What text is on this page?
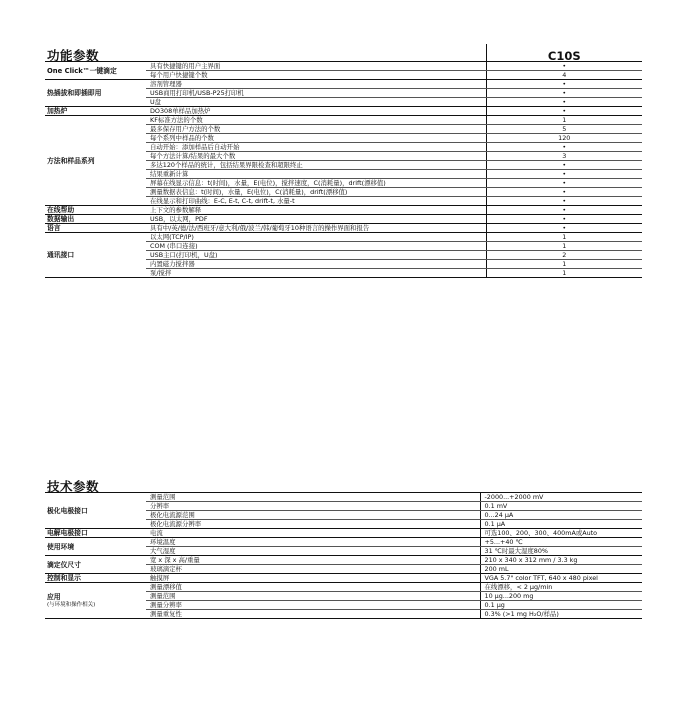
功能参数		C10S

One Click™一键滴定	具有快捷键的用户主界面	•
	每个用户快捷键个数	4
热插拔和即插即用	溶剂管理器	•
	USB商用打印机/USB-P25打印机	•
	U盘	•
加热炉	DO308单样品加热炉	•
方法和样品系列	KF标准方法的个数	1
	最多保存用户方法的个数	5
	每个系列中样品的个数	120
	自动开始：添加样品后自动开始	•
	每个方法计算/结果的最大个数	3
	多达120个样品的统计，包括结果界限检查和超限终止	•
	结果重新计算	•
	屏幕在线显示信息：t(时间)，水量，E(电位)，搅拌速度，C(消耗量)，drift(漂移值)	•
	测量数据表信息：t(时间)，水量，E(电位)，C(消耗量)，drift(漂移值)	•
	在线显示和打印曲线：E-C, E-t, C-t, drift-t, 水量-t	•
在线帮助	上下文的参数解释	•
数据输出	USB，以太网，PDF	•
语言	具有中/英/德/法/西班牙/意大利/俄/波兰/韩/葡萄牙10种语言的操作界面和报告	•
通讯接口	以太网(TCP/IP)	1
	COM (串口连接)	1
	USB主口(打印机，U盘)	2
	内置磁力搅拌器	1
	泵/搅拌	1
技术参数		

极化电极接口	测量范围	-2000...+2000 mV
	分辨率	0.1 mV
	极化电流源范围	0...24 µA
	极化电流源分辨率	0.1 µA

电解电极接口	电流	可选100、200、300、400mA或Auto

使用环境	环境温度	+5...+40 ℃
	大气湿度	31 ℃时最大湿度80%

滴定仪尺寸	宽 x 深 x 高/重量	210 x 340 x 312 mm / 3.3 kg
	玻璃滴定杯	200 mL

控制和显示	触摸屏	VGA 5.7" color TFT, 640 x 480 pixel

应用
(与环境和操作相关)	测量漂移值	在线漂移，< 2 µg/min
	测量范围	10 µg...200 mg
	测量分辨率	0.1 µg
	测量重复性	0.3% (>1 mg H₂O/样品)
